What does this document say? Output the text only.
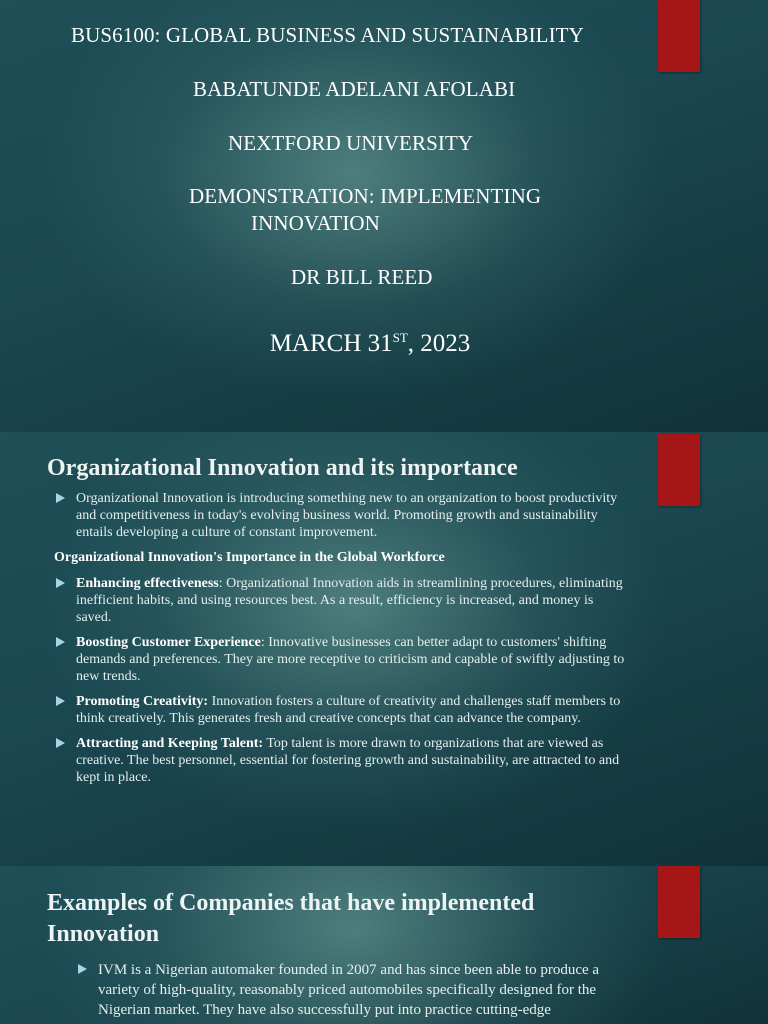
BUS6100: GLOBAL BUSINESS AND SUSTAINABILITY
BABATUNDE ADELANI AFOLABI
NEXTFORD UNIVERSITY
DEMONSTRATION: IMPLEMENTING
INNOVATION
DR BILL REED
MARCH 31ST, 2023
Organizational Innovation and its importance
Organizational Innovation is introducing something new to an organization to boost productivity and competitiveness in today's evolving business world. Promoting growth and sustainability entails developing a culture of constant improvement.
Organizational Innovation's Importance in the Global Workforce
Enhancing effectiveness: Organizational Innovation aids in streamlining procedures, eliminating inefficient habits, and using resources best. As a result, efficiency is increased, and money is saved.
Boosting Customer Experience: Innovative businesses can better adapt to customers' shifting demands and preferences. They are more receptive to criticism and capable of swiftly adjusting to new trends.
Promoting Creativity: Innovation fosters a culture of creativity and challenges staff members to think creatively. This generates fresh and creative concepts that can advance the company.
Attracting and Keeping Talent: Top talent is more drawn to organizations that are viewed as creative. The best personnel, essential for fostering growth and sustainability, are attracted to and kept in place.
Examples of Companies that have implemented Innovation
IVM is a Nigerian automaker founded in 2007 and has since been able to produce a variety of high-quality, reasonably priced automobiles specifically designed for the Nigerian market. They have also successfully put into practice cutting-edge
